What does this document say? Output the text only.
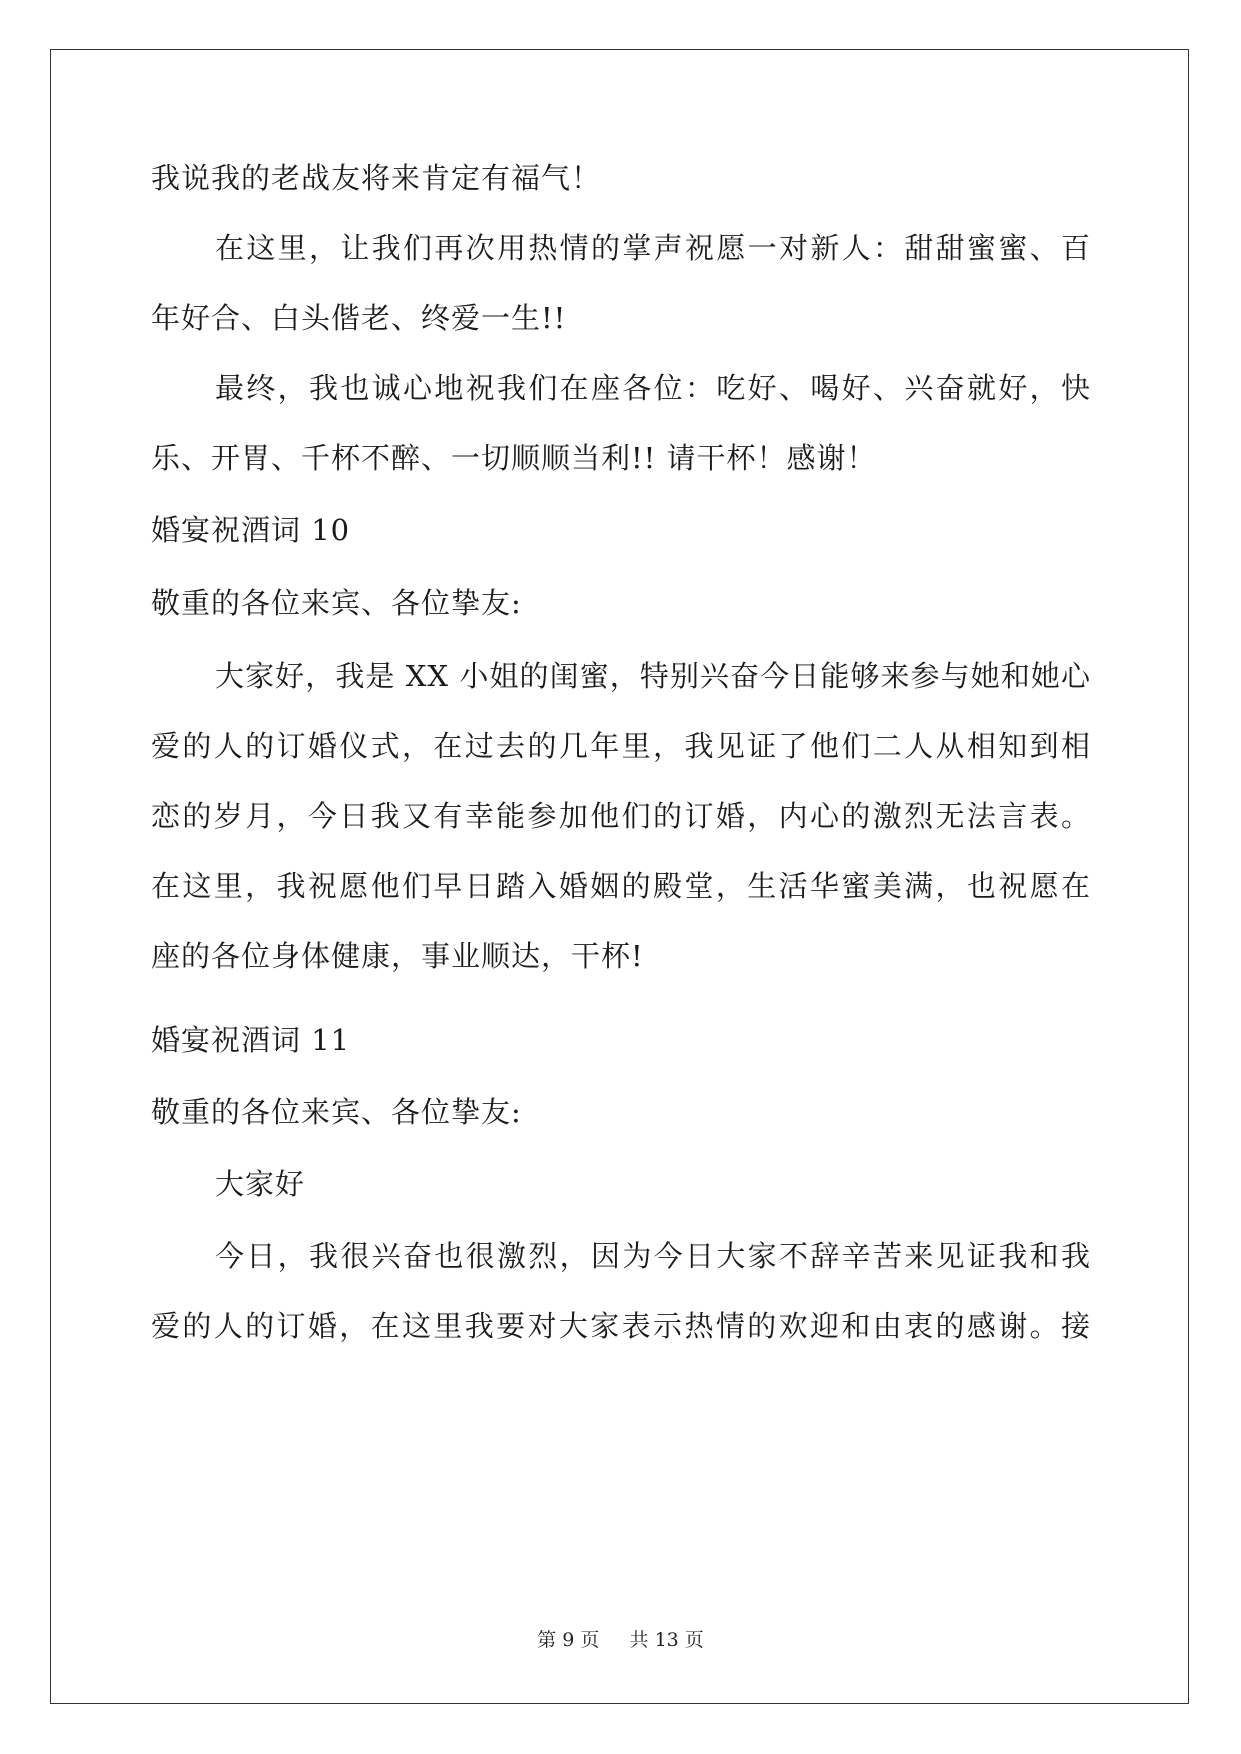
我说我的老战友将来肯定有福气！
在这里，让我们再次用热情的掌声祝愿一对新人：甜甜蜜蜜、百
年好合、白头偕老、终爱一生!!
最终，我也诚心地祝我们在座各位：吃好、喝好、兴奋就好，快
乐、开胃、千杯不醉、一切顺顺当利!! 请干杯！感谢！
婚宴祝酒词 10
敬重的各位来宾、各位挚友:
大家好，我是 XX 小姐的闺蜜，特别兴奋今日能够来参与她和她心
爱的人的订婚仪式，在过去的几年里，我见证了他们二人从相知到相
恋的岁月，今日我又有幸能参加他们的订婚，内心的激烈无法言表。
在这里，我祝愿他们早日踏入婚姻的殿堂，生活华蜜美满，也祝愿在
座的各位身体健康，事业顺达，干杯!
婚宴祝酒词 11
敬重的各位来宾、各位挚友:
大家好
今日，我很兴奋也很激烈，因为今日大家不辞辛苦来见证我和我
爱的人的订婚，在这里我要对大家表示热情的欢迎和由衷的感谢。接
第 9 页 共 13 页
